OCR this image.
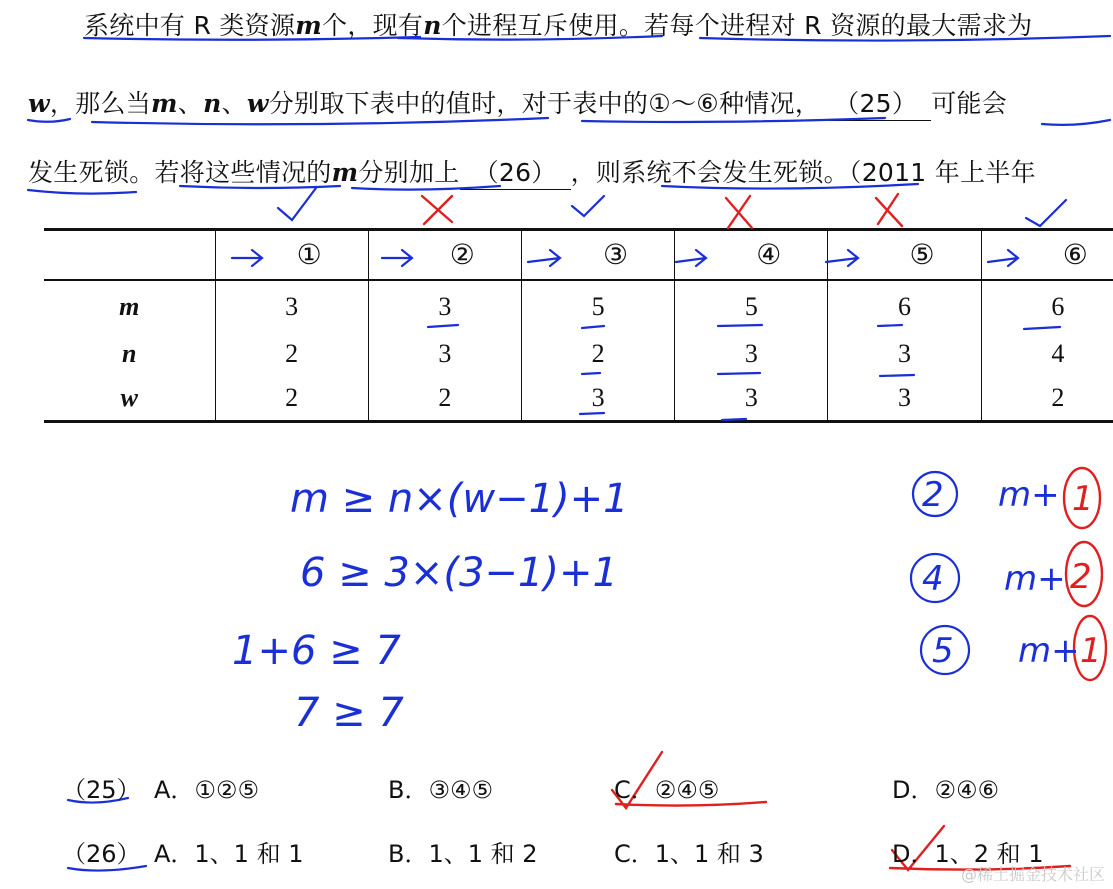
系统中有 R 类资源m个，现有n个进程互斥使用。若每个进程对 R 资源的最大需求为
w，那么当m、n、w分别取下表中的值时，对于表中的①～⑥种情况， （25） 可能会
发生死锁。若将这些情况的m分别加上 （26） ，则系统不会发生死锁。（2011 年上半年
	①	②	③	④	⑤	⑥
m	3	3	5	5	6	6
n	2	3	2	3	3	4
w	2	2	3	3	3	2
m ≥ n×(w−1)+1
6 ≥ 3×(3−1)+1
1+6 ≥ 7
7 ≥ 7
2 m+
4 m+
5 m+
1
2
1
（25） A．①②⑤	B．③④⑤	C．②④⑤	D．②④⑥
（26） A．1、1 和 1	B．1、1 和 2	C．1、1 和 3	D．1、2 和 1
@稀土掘金技术社区
